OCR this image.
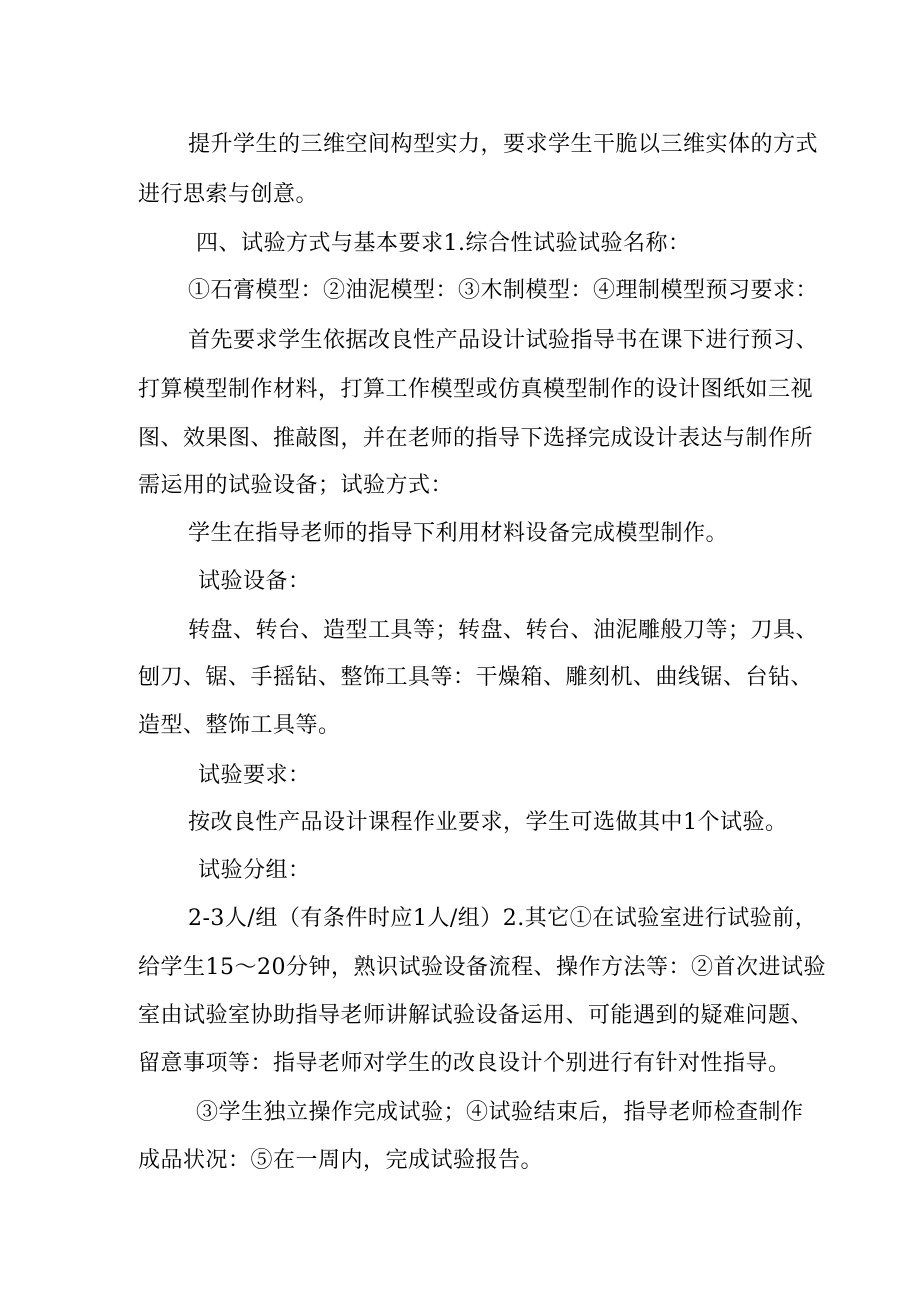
提升学生的三维空间构型实力，要求学生干脆以三维实体的方式
进行思索与创意。
四、试验方式与基本要求1.综合性试验试验名称：
①石膏模型：②油泥模型：③木制模型：④理制模型预习要求：
首先要求学生依据改良性产品设计试验指导书在课下进行预习、
打算模型制作材料，打算工作模型或仿真模型制作的设计图纸如三视
图、效果图、推敲图，并在老师的指导下选择完成设计表达与制作所
需运用的试验设备；试验方式：
学生在指导老师的指导下利用材料设备完成模型制作。
试验设备：
转盘、转台、造型工具等；转盘、转台、油泥雕般刀等；刀具、
刨刀、锯、手摇钻、整饰工具等：干燥箱、雕刻机、曲线锯、台钻、
造型、整饰工具等。
试验要求：
按改良性产品设计课程作业要求，学生可选做其中1个试验。
试验分组：
2-3人/组（有条件时应1人/组）2.其它①在试验室进行试验前，
给学生15～20分钟，熟识试验设备流程、操作方法等：②首次进试验
室由试验室协助指导老师讲解试验设备运用、可能遇到的疑难问题、
留意事项等：指导老师对学生的改良设计个别进行有针对性指导。
③学生独立操作完成试验；④试验结束后，指导老师检查制作
成品状况：⑤在一周内，完成试验报告。
